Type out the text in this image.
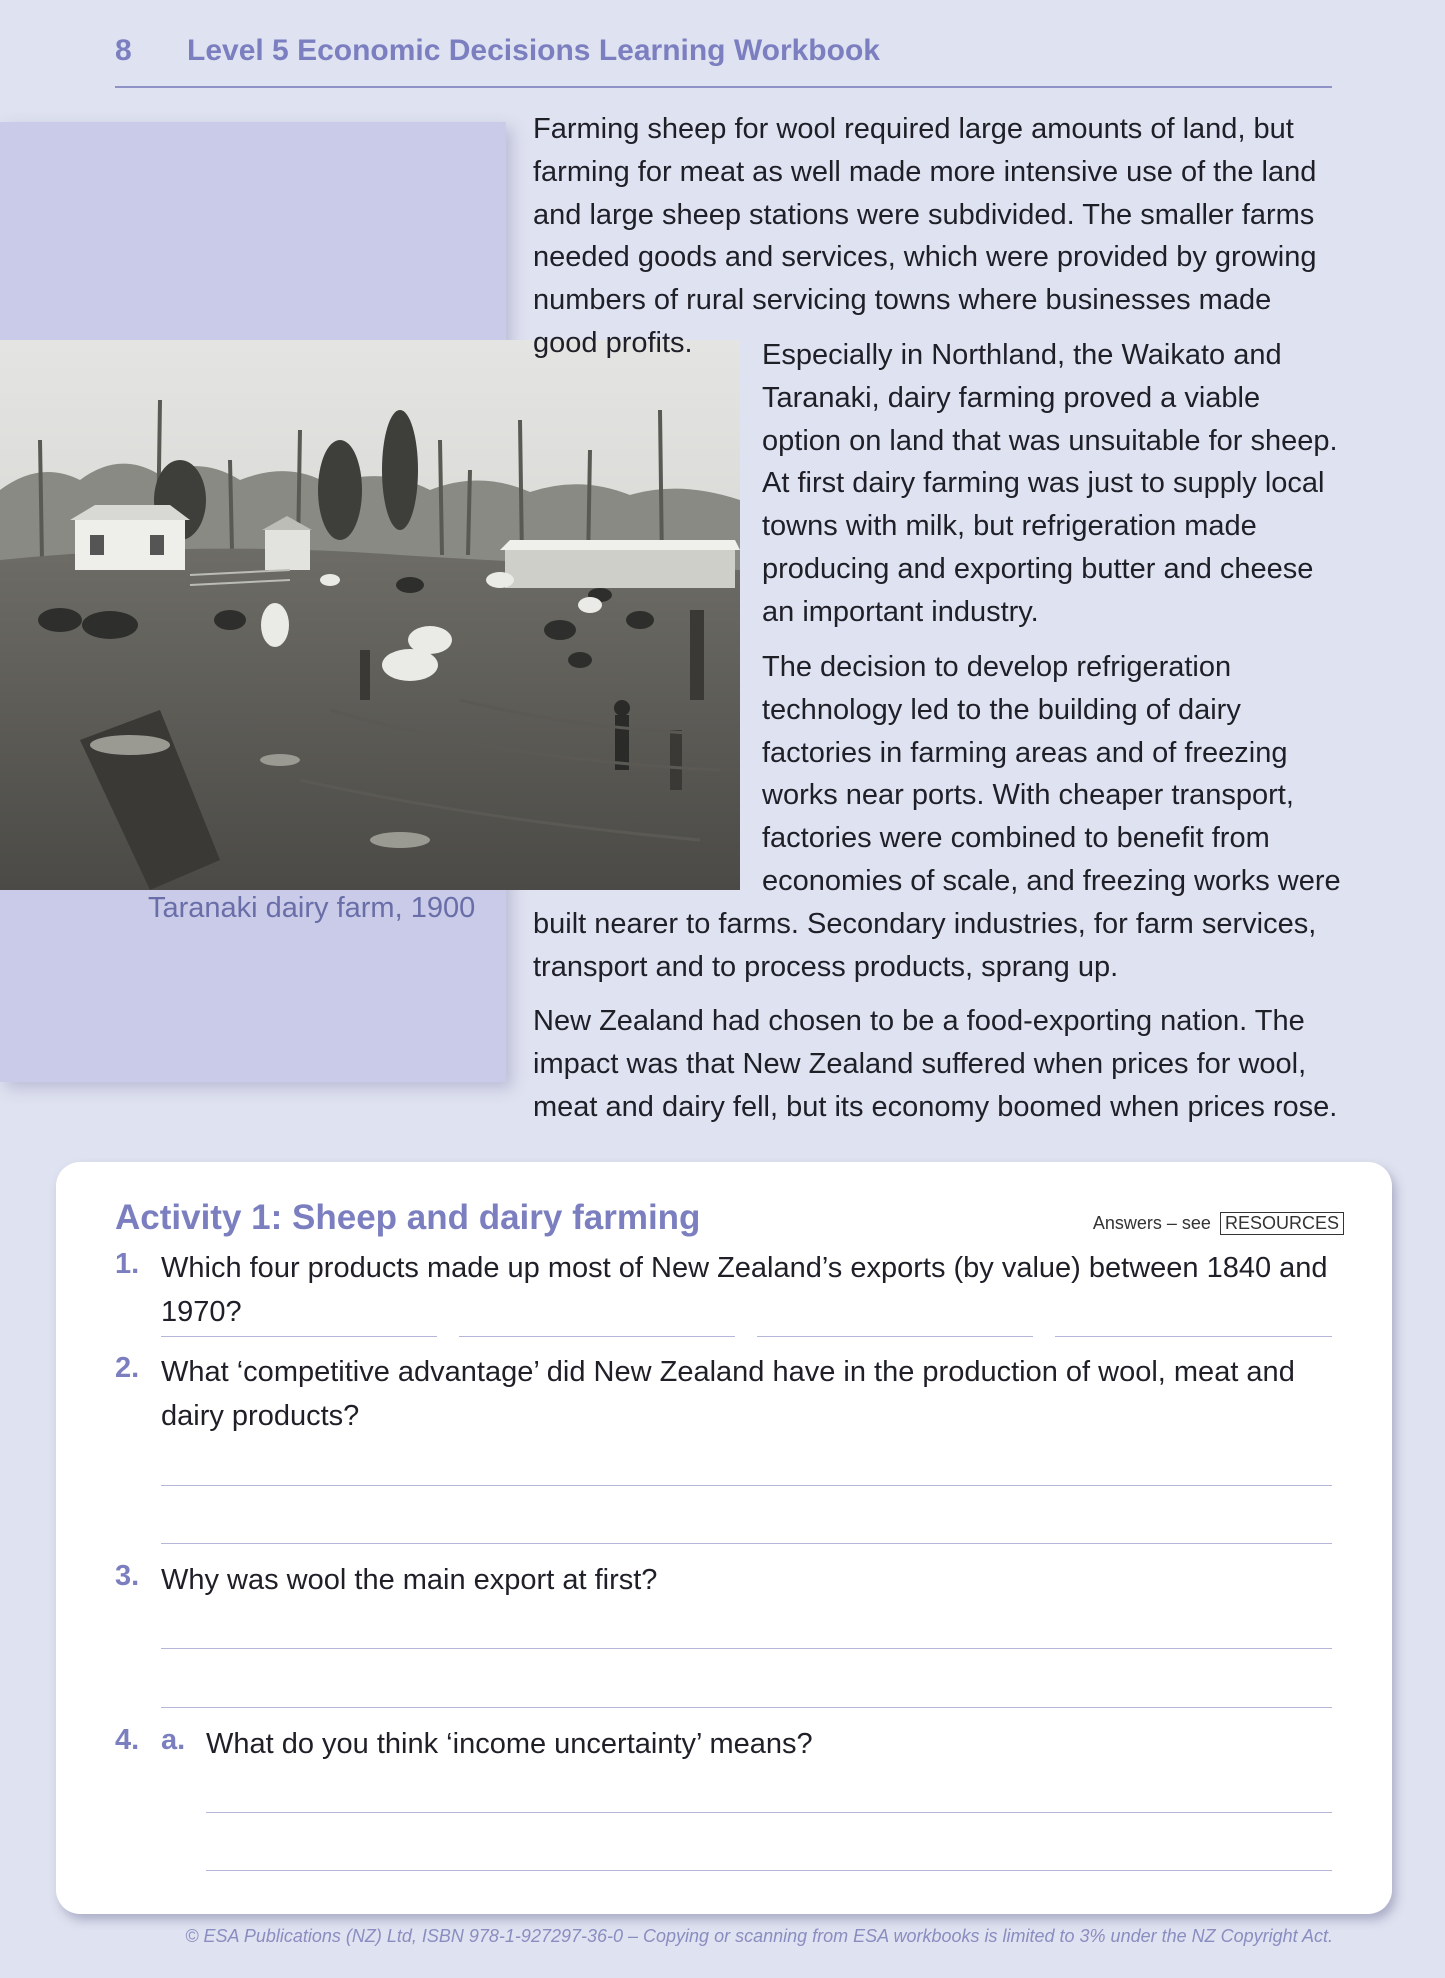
8 Level 5 Economic Decisions Learning Workbook
Taranaki dairy farm, 1900

Farming sheep for wool required large amounts of land, but farming for meat as well made more intensive use of the land and large sheep stations were subdivided. The smaller farms needed goods and services, which were provided by growing numbers of rural servicing towns where businesses made good profits.	Especially in Northland, the Waikato and Taranaki, dairy farming proved a viable option on land that was unsuitable for sheep. At first dairy farming was just to supply local towns with milk, but refrigeration made producing and exporting butter and cheese an important industry.

The decision to develop refrigeration technology led to the building of dairy factories in farming areas and of freezing works near ports. With cheaper transport, factories were combined to benefit from economies of scale, and freezing works were

built nearer to farms. Secondary industries, for farm services, transport and to process products, sprang up.

New Zealand had chosen to be a food-exporting nation. The impact was that New Zealand suffered when prices for wool, meat and dairy fell, but its economy boomed when prices rose.

Activity 1: Sheep and dairy farming	Answers – see RESOURCES
1. Which four products made up most of New Zealand’s exports (by value) between 1840 and 1970?
2. What ‘competitive advantage’ did New Zealand have in the production of wool, meat and dairy products?
3. Why was wool the main export at first?
4. a. What do you think ‘income uncertainty’ means?
© ESA Publications (NZ) Ltd, ISBN 978-1-927297-36-0 – Copying or scanning from ESA workbooks is limited to 3% under the NZ Copyright Act.
